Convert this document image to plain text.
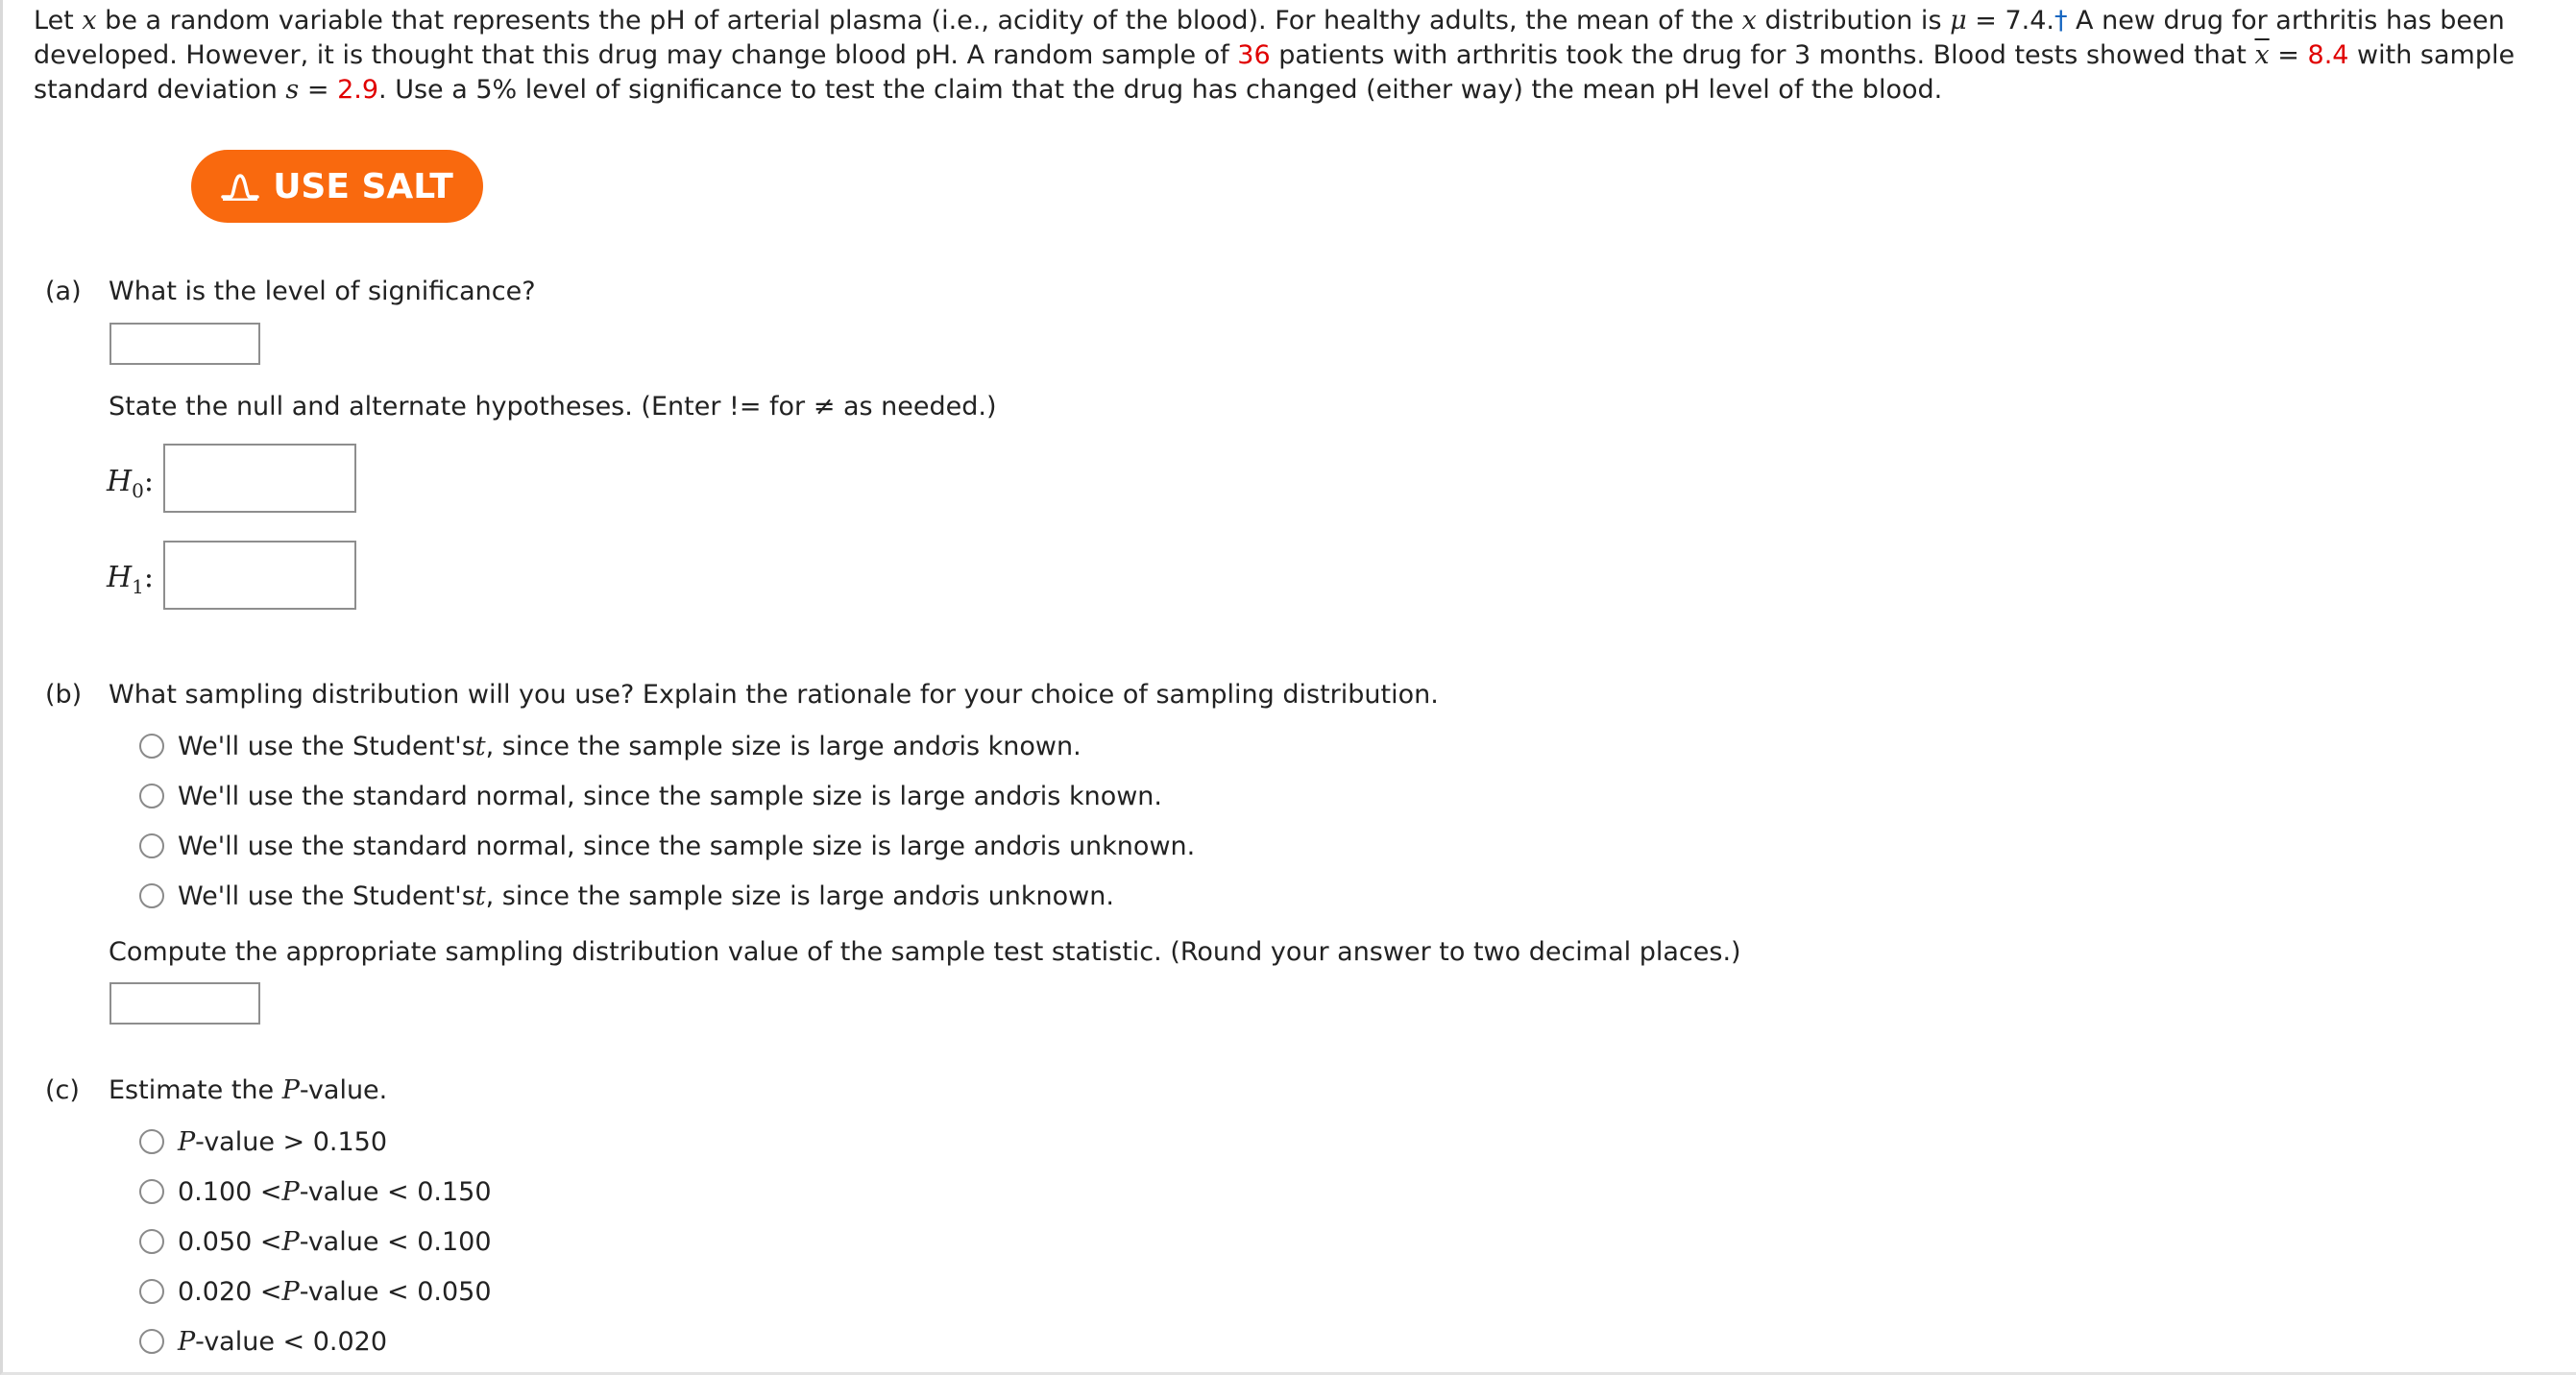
Let x be a random variable that represents the pH of arterial plasma (i.e., acidity of the blood). For healthy adults, the mean of the x distribution is μ = 7.4.† A new drug for arthritis has been developed. However, it is thought that this drug may change blood pH. A random sample of 36 patients with arthritis took the drug for 3 months. Blood tests showed that $\overline{x} = 8.4$ with sample standard deviation s = 2.9. Use a 5% level of significance to test the claim that the drug has changed (either way) the mean pH level of the blood.
USE SALT
(a) What is the level of significance?
State the null and alternate hypotheses. (Enter != for ≠ as needed.)
$H_0$:
$H_1$:
(b) What sampling distribution will you use? Explain the rationale for your choice of sampling distribution.
We'll use the Student's t , since the sample size is large and σ is known.
We'll use the standard normal, since the sample size is large and σ is known.
We'll use the standard normal, since the sample size is large and σ is unknown.
We'll use the Student's t , since the sample size is large and σ is unknown.
Compute the appropriate sampling distribution value of the sample test statistic. (Round your answer to two decimal places.)
(c) Estimate the P-value.
P -value > 0.150
0.100 < P -value < 0.150
0.050 < P -value < 0.100
0.020 < P -value < 0.050
P -value < 0.020
